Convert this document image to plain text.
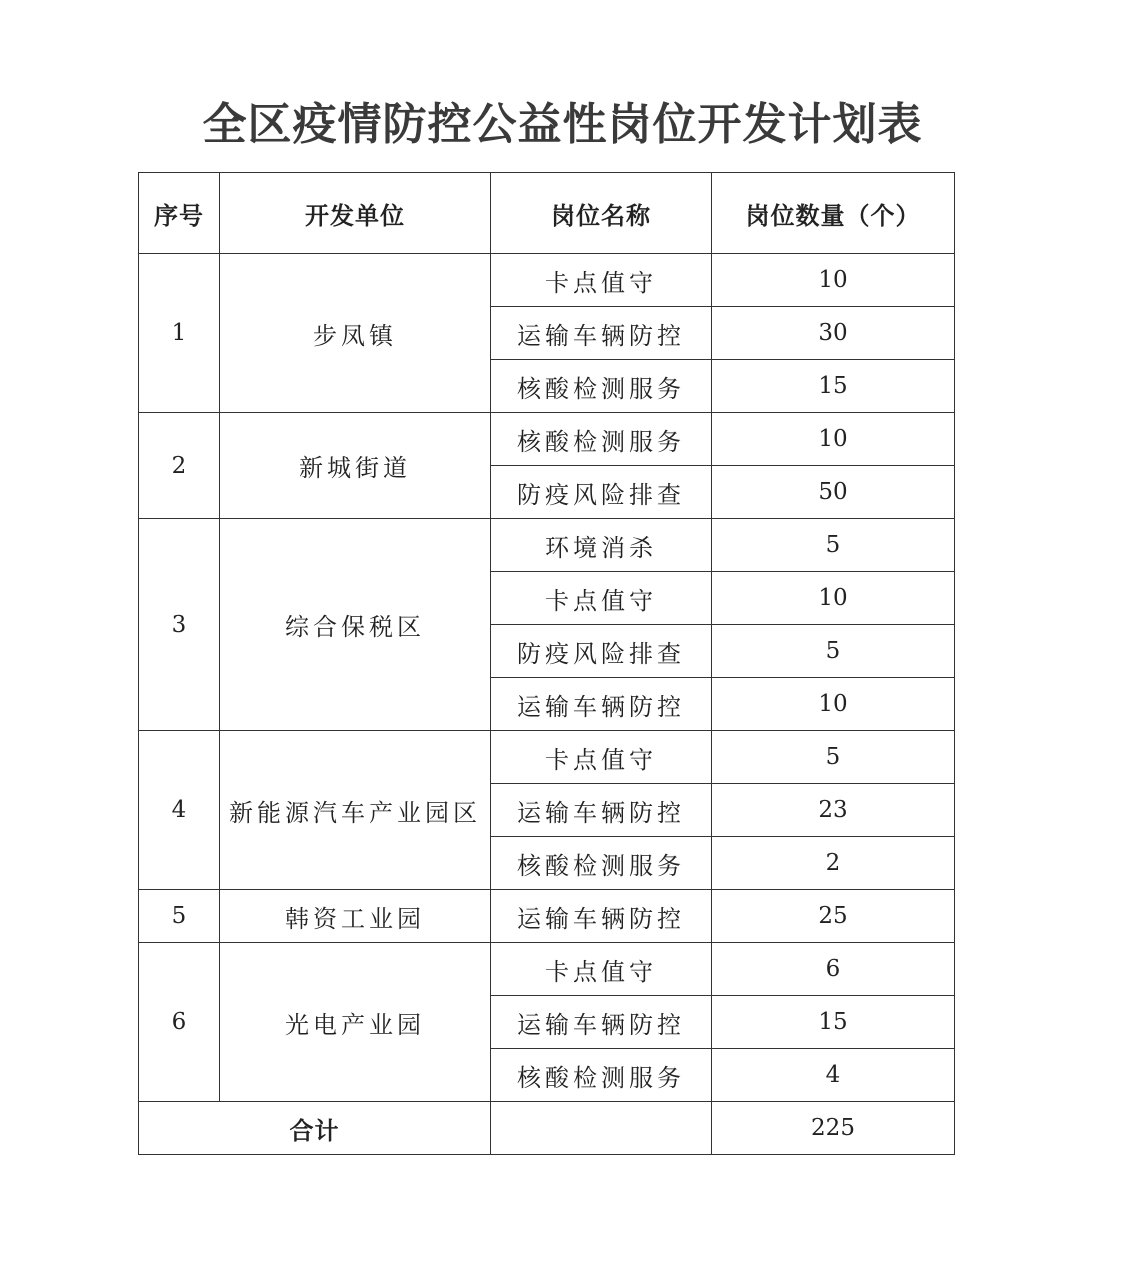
全区疫情防控公益性岗位开发计划表
序号	开发单位	岗位名称	岗位数量（个）
1	步凤镇	卡点值守	10
		运输车辆防控	30
		核酸检测服务	15
2	新城街道	核酸检测服务	10
		防疫风险排查	50
3	综合保税区	环境消杀	5
		卡点值守	10
		防疫风险排查	5
		运输车辆防控	10
4	新能源汽车产业园区	卡点值守	5
		运输车辆防控	23
		核酸检测服务	2
5	韩资工业园	运输车辆防控	25
6	光电产业园	卡点值守	6
		运输车辆防控	15
		核酸检测服务	4
合计			225
